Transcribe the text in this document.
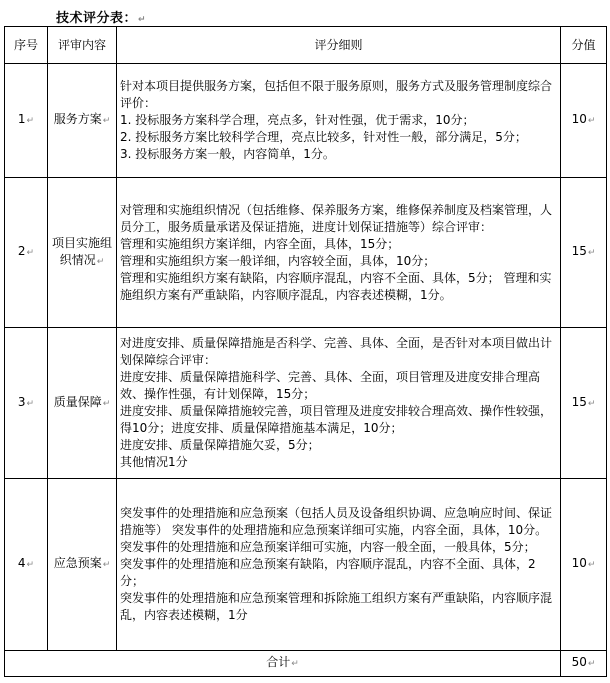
技术评分表：↵
序号	评审内容	评分细则	分值
1↵	服务方案↵	针对本项目提供服务方案，包括但不限于服务原则，服务方式及服务管理制度综合评价：
1. 投标服务方案科学合理，亮点多，针对性强，优于需求，10分；
2. 投标服务方案比较科学合理，亮点比较多，针对性一般，部分满足，5分；
3. 投标服务方案一般，内容简单，1分。	10↵
2↵	项目实施组织情况↵	对管理和实施组织情况（包括维修、保养服务方案，维修保养制度及档案管理，人员分工，服务质量承诺及保证措施，进度计划保证措施等）综合评审：
管理和实施组织方案详细，内容全面，具体，15分；
管理和实施组织方案一般详细，内容较全面，具体，10分；
管理和实施组织方案有缺陷，内容顺序混乱，内容不全面、具体，5分； 管理和实施组织方案有严重缺陷，内容顺序混乱，内容表述模糊，1分。	15↵
3↵	质量保障↵	对进度安排、质量保障措施是否科学、完善、具体、全面，是否针对本项目做出计划保障综合评审：
进度安排、质量保障措施科学、完善、具体、全面，项目管理及进度安排合理高效、操作性强，有计划保障，15分；
进度安排、质量保障措施较完善，项目管理及进度安排较合理高效、操作性较强，得10分；进度安排、质量保障措施基本满足，10分；
进度安排、质量保障措施欠妥，5分；
其他情况1分	15↵
4↵	应急预案↵	突发事件的处理措施和应急预案（包括人员及设备组织协调、应急响应时间、保证措施等） 突发事件的处理措施和应急预案详细可实施，内容全面，具体，10分。
突发事件的处理措施和应急预案详细可实施，内容一般全面，一般具体，5分；
突发事件的处理措施和应急预案有缺陷，内容顺序混乱，内容不全面、具体，2分；
突发事件的处理措施和应急预案管理和拆除施工组织方案有严重缺陷，内容顺序混乱，内容表述模糊，1分	10↵
合计↵			50↵
